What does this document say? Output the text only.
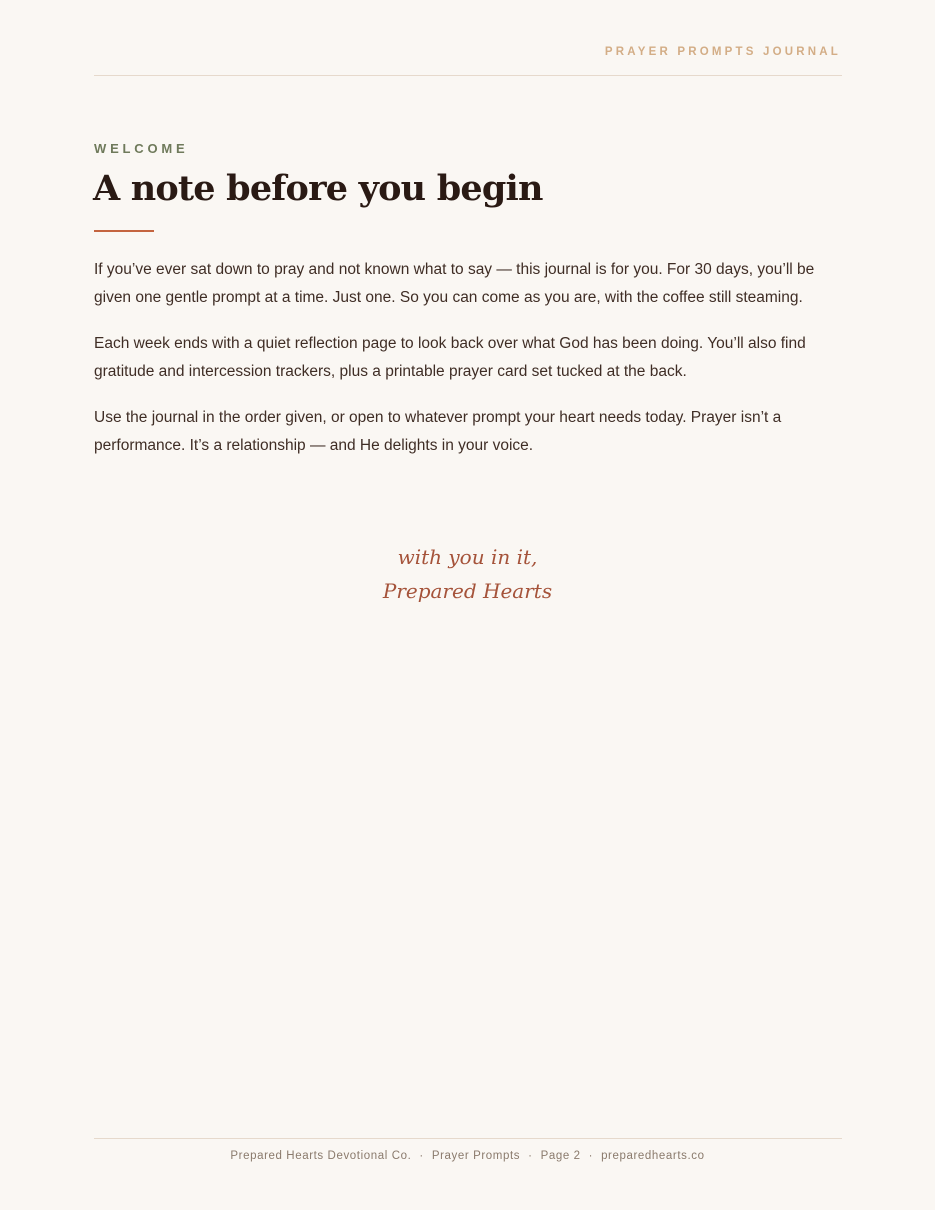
PRAYER PROMPTS JOURNAL
WELCOME
A note before you begin

If you’ve ever sat down to pray and not known what to say — this journal is for you. For 30 days, you’ll be given one gentle prompt at a time. Just one. So you can come as you are, with the coffee still steaming.

Each week ends with a quiet reflection page to look back over what God has been doing. You’ll also find gratitude and intercession trackers, plus a printable prayer card set tucked at the back.

Use the journal in the order given, or open to whatever prompt your heart needs today. Prayer isn’t a performance. It’s a relationship — and He delights in your voice.

with you in it,
Prepared Hearts
Prepared Hearts Devotional Co. · Prayer Prompts · Page 2 · preparedhearts.co
